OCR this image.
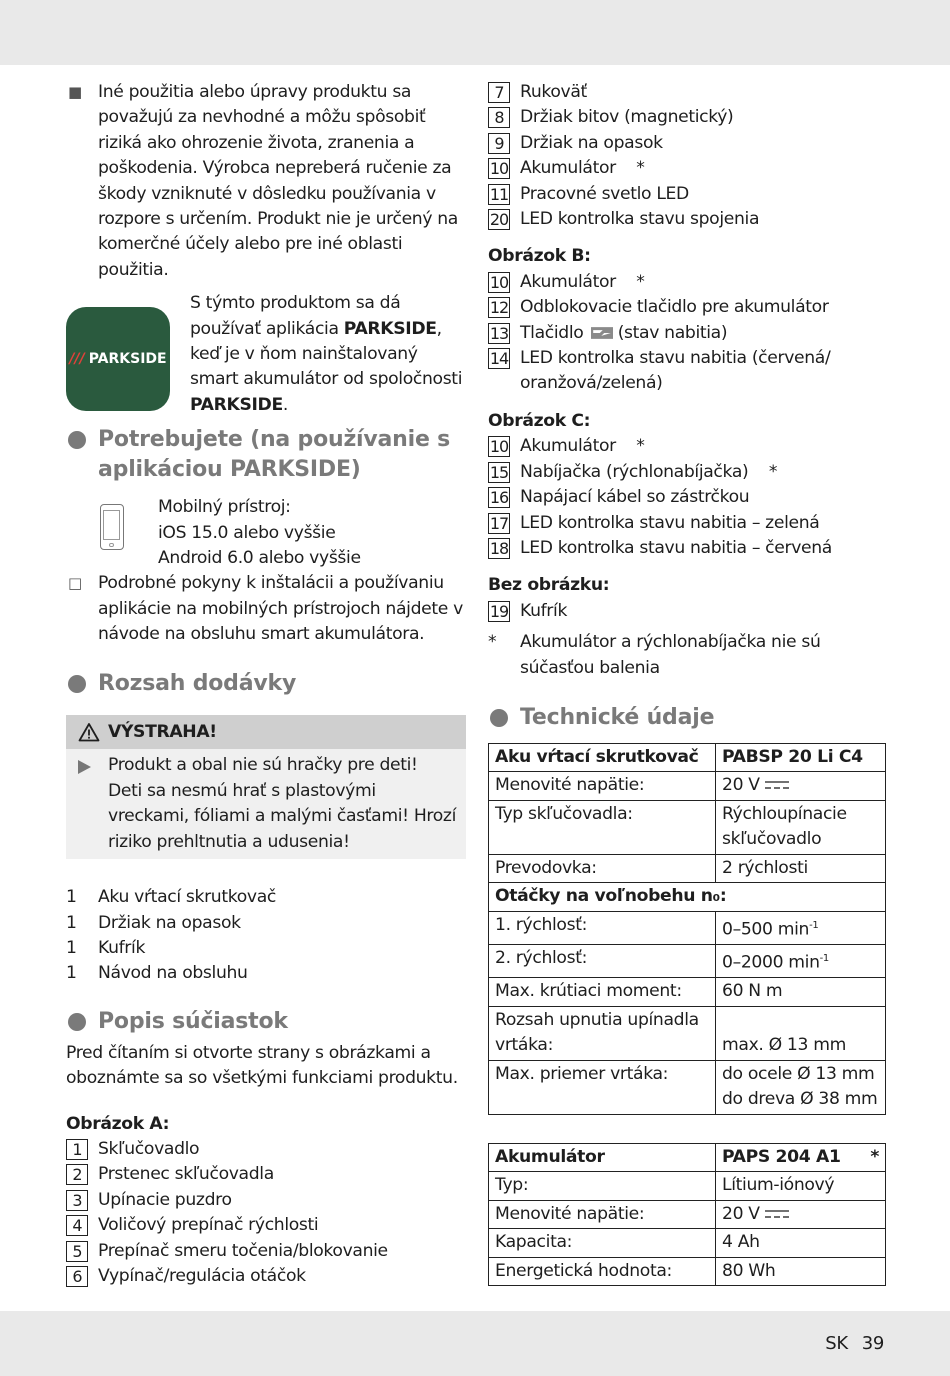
■ Iné použitia alebo úpravy produktu sa považujú za nevhodné a môžu spôsobiť riziká ako ohrozenie života, zranenia a poškodenia. Výrobca nepreberá ručenie za škody vzniknuté v dôsledku používania v rozpore s určením. Produkt nie je určený na komerčné účely alebo pre iné oblasti použitia.
/// PARKSIDE
S týmto produktom sa dá
používať aplikácia PARKSIDE,
keď je v ňom nainštalovaný
smart akumulátor od spoločnosti
PARKSIDE.
Potrebujete (na používanie s
aplikáciou PARKSIDE)
Mobilný prístroj:
iOS 15.0 alebo vyššie
Android 6.0 alebo vyššie
□ Podrobné pokyny k inštalácii a používaniu aplikácie na mobilných prístrojoch nájdete v návode na obsluhu smart akumulátora.
Rozsah dodávky
VÝSTRAHA!
Produkt a obal nie sú hračky pre deti! Deti sa nesmú hrať s plastovými vreckami, fóliami a malými časťami! Hrozí riziko prehltnutia a udusenia!
1 Aku vŕtací skrutkovač
1 Držiak na opasok
1 Kufrík
1 Návod na obsluhu
Popis súčiastok
Pred čítaním si otvorte strany s obrázkami a oboznámte sa so všetkými funkciami produktu.
Obrázok A:
1 Skľučovadlo
2 Prstenec skľučovadla
3 Upínacie puzdro
4 Voličový prepínač rýchlosti
5 Prepínač smeru točenia/blokovanie
6 Vypínač/regulácia otáčok
7 Rukoväť
8 Držiak bitov (magnetický)
9 Držiak na opasok
10 Akumulátor    *
11 Pracovné svetlo LED
20 LED kontrolka stavu spojenia
Obrázok B:
10 Akumulátor    *
12 Odblokovacie tlačidlo pre akumulátor
13 Tlačidlo (stav nabitia)
14 LED kontrolka stavu nabitia (červená/ oranžová/zelená)
Obrázok C:
10 Akumulátor    *
15 Nabíjačka (rýchlonabíjačka)    *
16 Napájací kábel so zástrčkou
17 LED kontrolka stavu nabitia – zelená
18 LED kontrolka stavu nabitia – červená
Bez obrázku:
19 Kufrík
* Akumulátor a rýchlonabíjačka nie sú súčasťou balenia
Technické údaje
Aku vŕtací skrutkovač	PABSP 20 Li C4
Menovité napätie:	20 V
Typ skľučovadla:	Rýchloupínacie skľučovadlo
Prevodovka:	2 rýchlosti
Otáčky na voľnobehu n₀:	
1. rýchlosť:	0–500 $\min^{-1}$
2. rýchlosť:	0–2000 $\min^{-1}$
Max. krútiaci moment:	60 N m
Rozsah upnutia upínadla vrtáka:	max. Ø 13 mm
Max. priemer vrtáka:	do ocele Ø 13 mm
do dreva Ø 38 mm
Akumulátor	PAPS 204 A1 *

Typ:	Lítium-iónový
Menovité napätie:	20 V
Kapacita:	4 Ah
Energetická hodnota:	80 Wh
SK 39
